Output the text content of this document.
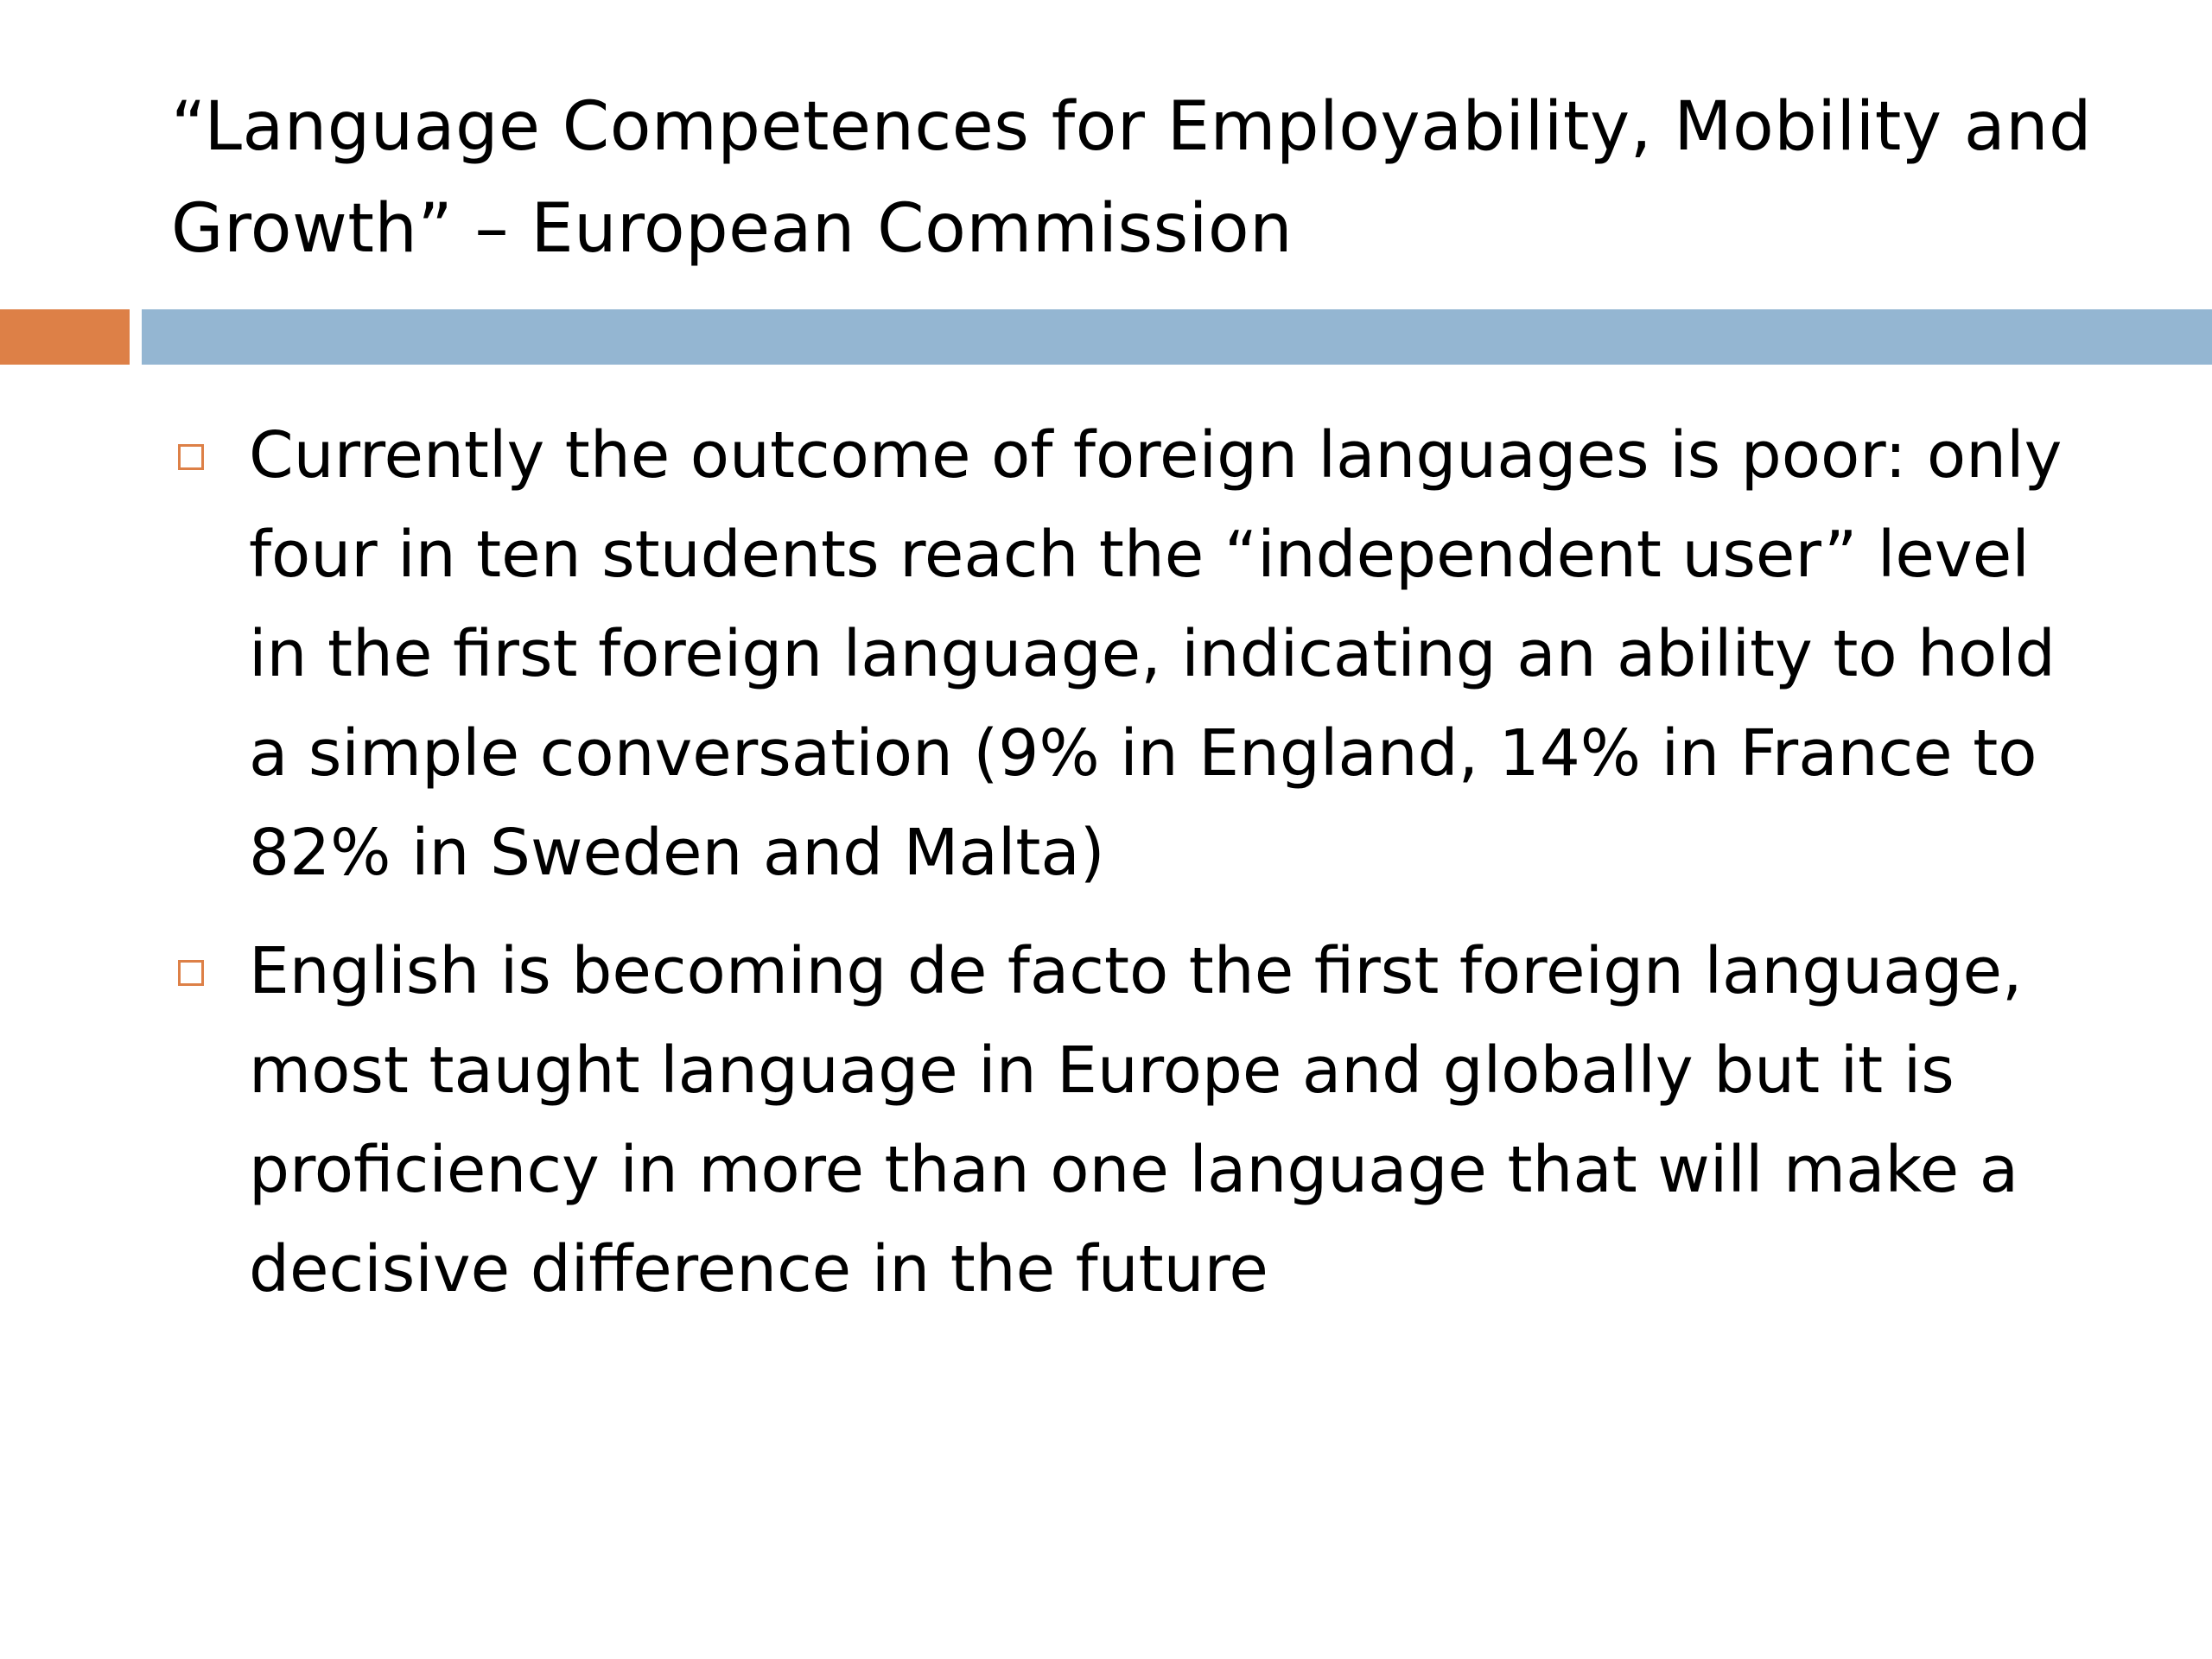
“Language Competences for Employability, Mobility and Growth” – European Commission
Currently the outcome of foreign languages is poor: only four in ten students reach the “independent user” level in the first foreign language, indicating an ability to hold a simple conversation (9% in England, 14% in France to 82% in Sweden and Malta)
English is becoming de facto the first foreign language, most taught language in Europe and globally but it is proficiency in more than one language that will make a decisive difference in the future
